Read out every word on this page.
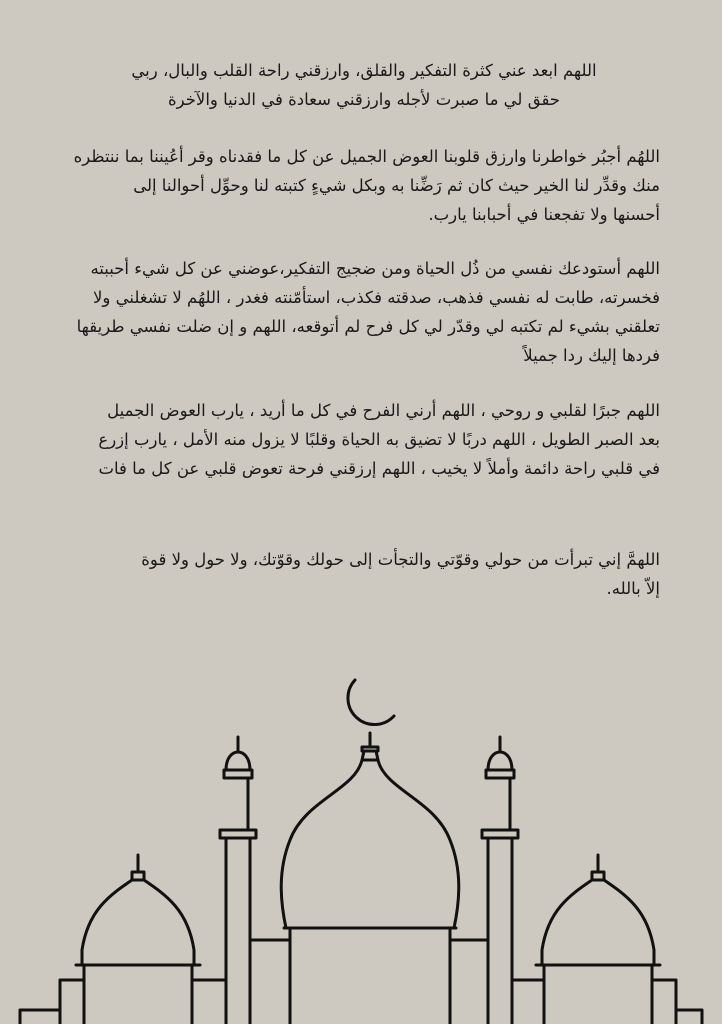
اللهم ابعد عني كثرة التفكير والقلق، وارزقني راحة القلب والبال، ربي
حقق لي ما صبرت لأجله وارزقني سعادة في الدنيا والآخرة
اللهُم أجبُر خواطرنا وارزق قلوبنا العوض الجميل عن كل ما فقدناه وقر أعُيننا بما ننتظره
منك وقدِّر لنا الخير حيث كان ثم رَضِّنا به وبكل شيءٍ كتبته لنا وحوِّل أحوالنا إلى
أحسنها ولا تفجعنا في أحبابنا يارب.
اللهم أستودعك نفسي من ذُل الحياة ومن ضجيج التفكير،عوضني عن كل شيء أحببته
فخسرته، طابت له نفسي فذهب، صدقته فكذب، استأمّنته فغدر ، اللهُم لا تشغلني ولا
تعلقني بشيء لم تكتبه لي وقدّر لي كل فرح لم أتوقعه، اللهم و إن ضلت نفسي طريقها
فردها إليك ردا جميلاً
اللهم جبرًا لقلبي و روحي ، اللهم أرني الفرح في كل ما أريد ، يارب العوض الجميل
بعد الصبر الطويل ، اللهم دربًا لا تضيق به الحياة وقلبًا لا يزول منه الأمل ، يارب إزرع
في قلبي راحة دائمة وأملاً لا يخيب ، اللهم إرزقني فرحة تعوض قلبي عن كل ما فات
اللهمَّ إني تبرأت من حولي وقوّتي والتجأت إلى حولك وقوّتك، ولا حول ولا قوة
إلاّ بالله.
